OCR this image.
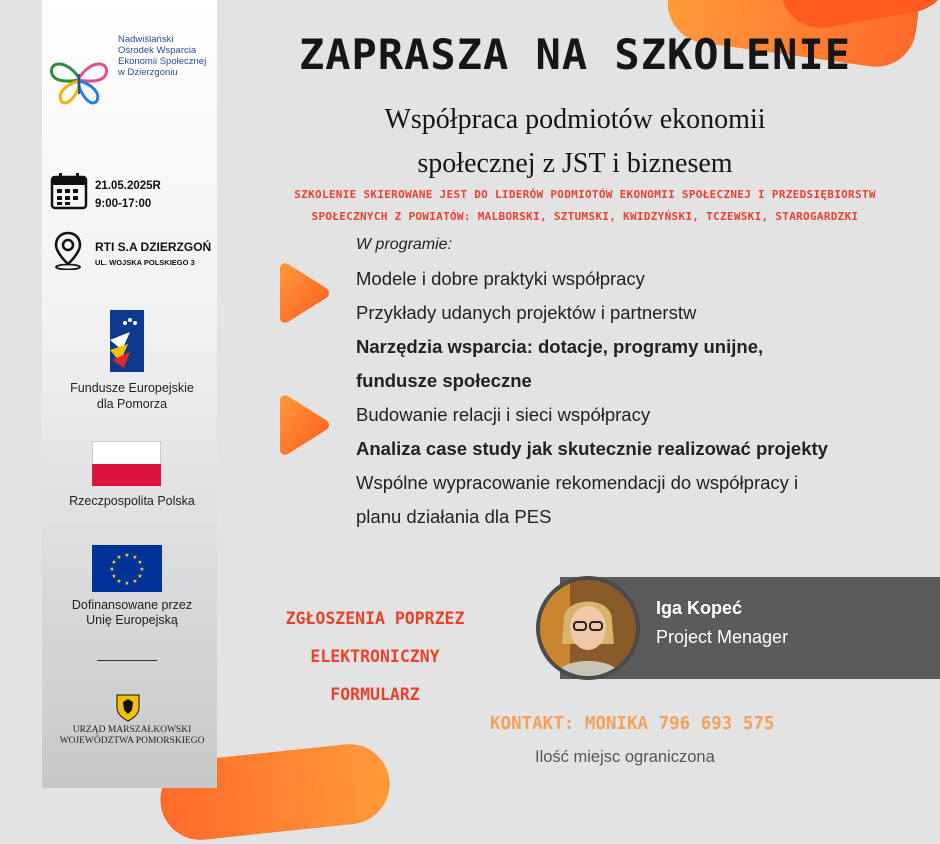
Nadwiślański
Ośrodek Wsparcia
Ekonomii Społecznej
w Dzierzgoniu
21.05.2025R
9:00-17:00
RTI S.A DZIERZGOŃ
UL. WOJSKA POLSKIEGO 3
Fundusze Europejskie
dla Pomorza
Rzeczpospolita Polska
★ ★
★
★
★
★
★
★
★
★
★
★
Dofinansowane przez
Unię Europejską
URZĄD MARSZAŁKOWSKI
WOJEWÓDZTWA POMORSKIEGO
ZAPRASZA NA SZKOLENIE
Współpraca podmiotów ekonomii
społecznej z JST i biznesem
SZKOLENIE SKIEROWANE JEST DO LIDERÓW PODMIOTÓW EKONOMII SPOŁECZNEJ I PRZEDSIĘBIORSTW
SPOŁECZNYCH Z POWIATÓW: MALBORSKI, SZTUMSKI, KWIDZYŃSKI, TCZEWSKI, STAROGARDZKI
W programie:
Modele i dobre praktyki współpracy
Przykłady udanych projektów i partnerstw
Narzędzia wsparcia: dotacje, programy unijne,
fundusze społeczne
Budowanie relacji i sieci współpracy
Analiza case study jak skutecznie realizować projekty
Wspólne wypracowanie rekomendacji do współpracy i
planu działania dla PES
ZGŁOSZENIA POPRZEZ
ELEKTRONICZNY
FORMULARZ
Iga Kopeć
Project Menager
KONTAKT: MONIKA 796 693 575
Ilość miejsc ograniczona
